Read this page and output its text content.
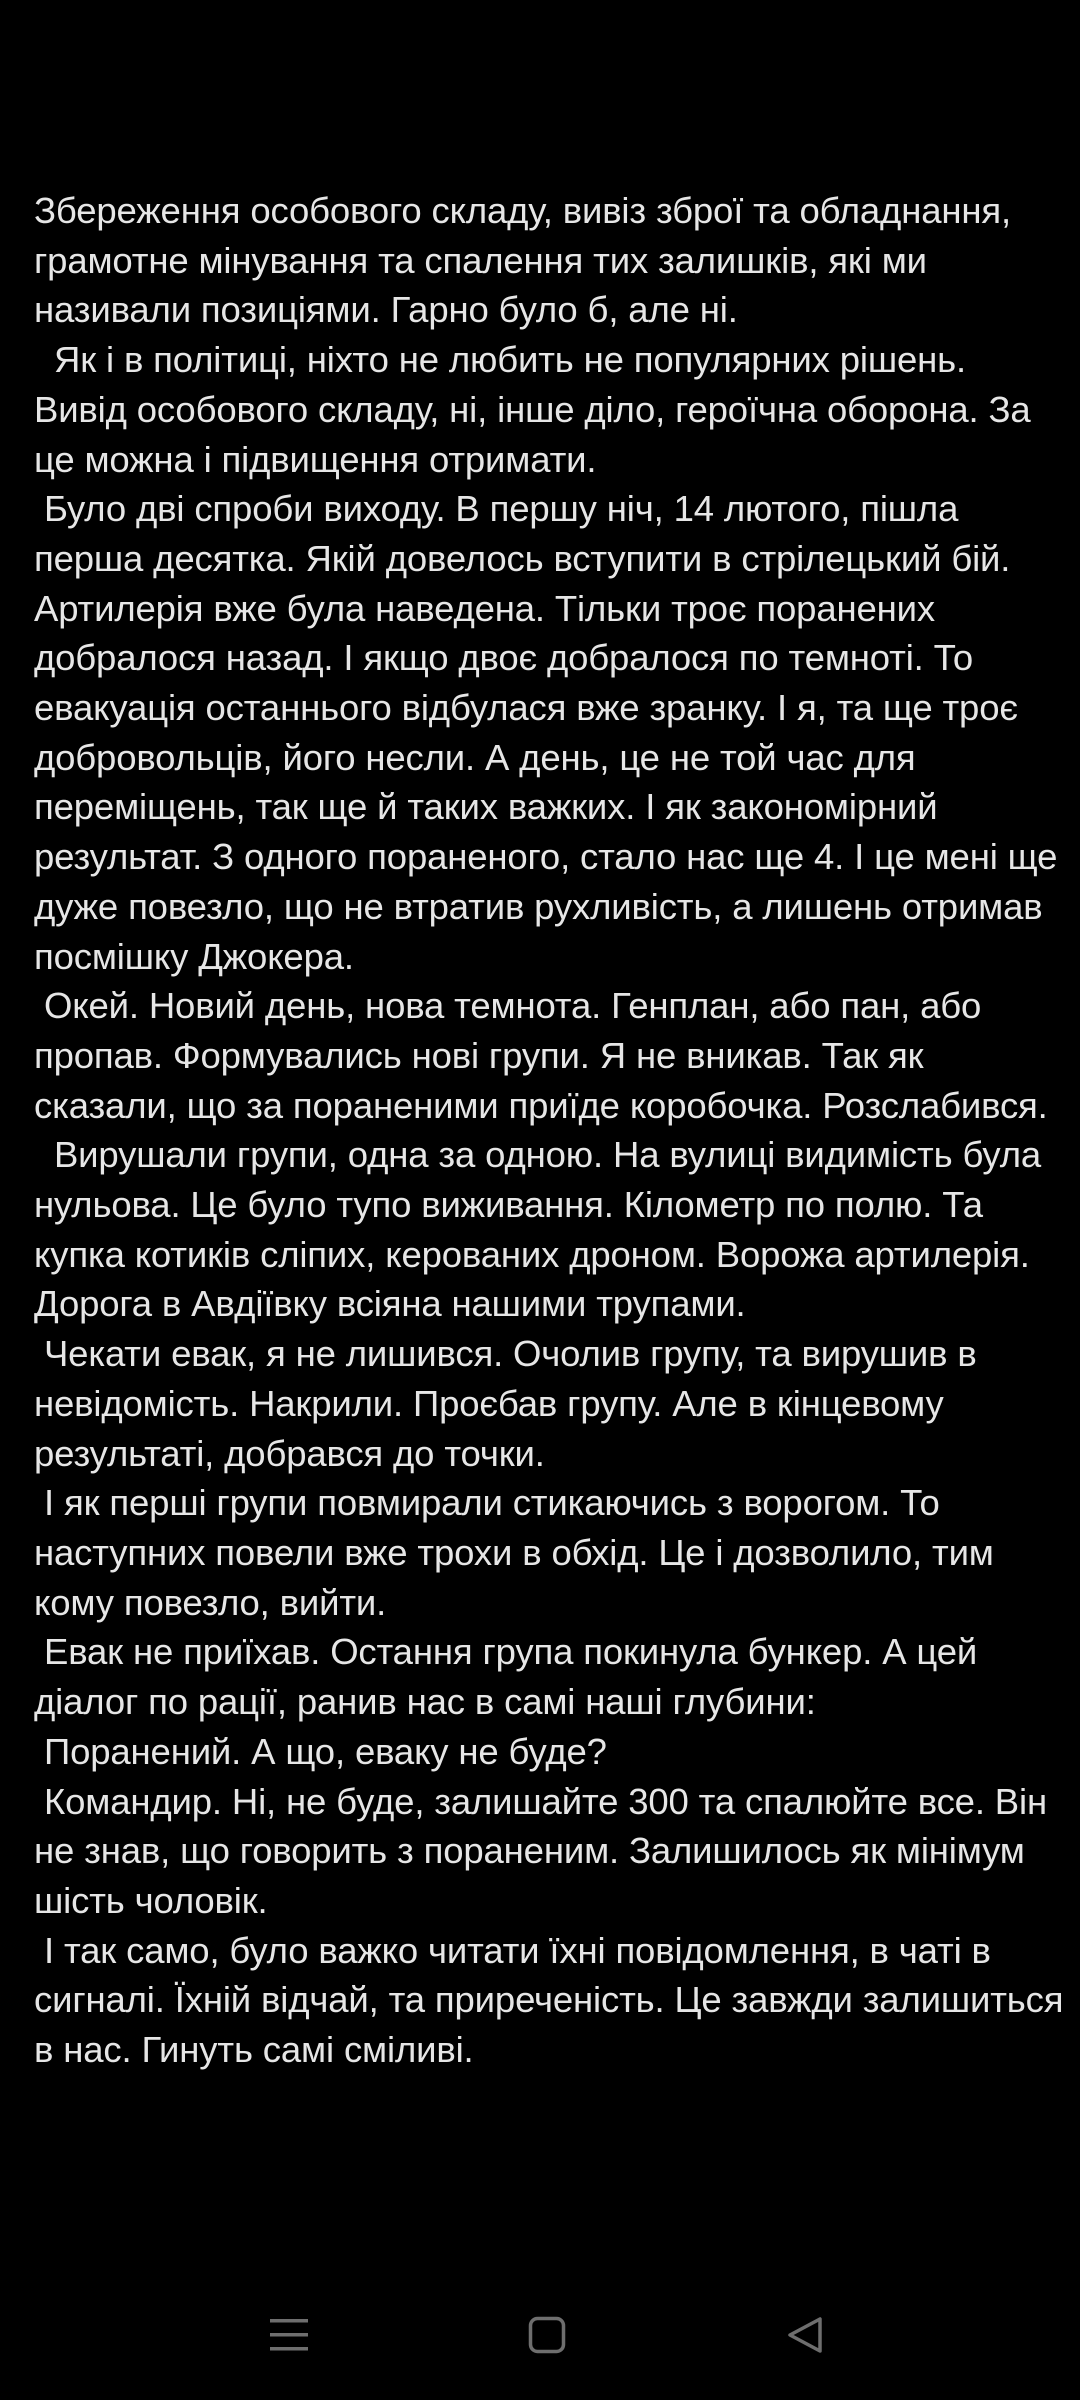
Збереження особового складу, вивіз зброї та обладнання, грамотне мінування та спалення тих залишків, які ми називали позиціями. Гарно було б, але ні.

Як і в політиці, ніхто не любить не популярних рішень. Вивід особового складу, ні, інше діло, героїчна оборона. За це можна і підвищення отримати.

Було дві спроби виходу. В першу ніч, 14 лютого, пішла перша десятка. Якій довелось вступити в стрілецький бій. Артилерія вже була наведена. Тільки троє поранених добралося назад. І якщо двоє добралося по темноті. То евакуація останнього відбулася вже зранку. І я, та ще троє добровольців, його несли. А день, це не той час для переміщень, так ще й таких важких. І як закономірний результат. З одного пораненого, стало нас ще 4. І це мені ще дуже повезло, що не втратив рухливість, а лишень отримав посмішку Джокера.

Окей. Новий день, нова темнота. Генплан, або пан, або пропав. Формувались нові групи. Я не вникав. Так як сказали, що за пораненими приїде коробочка. Розслабився.

Вирушали групи, одна за одною. На вулиці видимість була нульова. Це було тупо виживання. Кілометр по полю. Та купка котиків сліпих, керованих дроном. Ворожа артилерія. Дорога в Авдіївку всіяна нашими трупами.

Чекати евак, я не лишився. Очолив групу, та вирушив в невідомість. Накрили. Проєбав групу. Але в кінцевому результаті, добрався до точки.

І як перші групи повмирали стикаючись з ворогом. То наступних повели вже трохи в обхід. Це і дозволило, тим кому повезло, вийти.

Евак не приїхав. Остання група покинула бункер. А цей діалог по рації, ранив нас в самі наші глубини:

Поранений. А що, еваку не буде?

Командир. Ні, не буде, залишайте 300 та спалюйте все. Він не знав, що говорить з пораненим. Залишилось як мінімум шість чоловік.

І так само, було важко читати їхні повідомлення, в чаті в сигналі. Їхній відчай, та приреченість. Це завжди залишиться в нас. Гинуть самі сміливі.
